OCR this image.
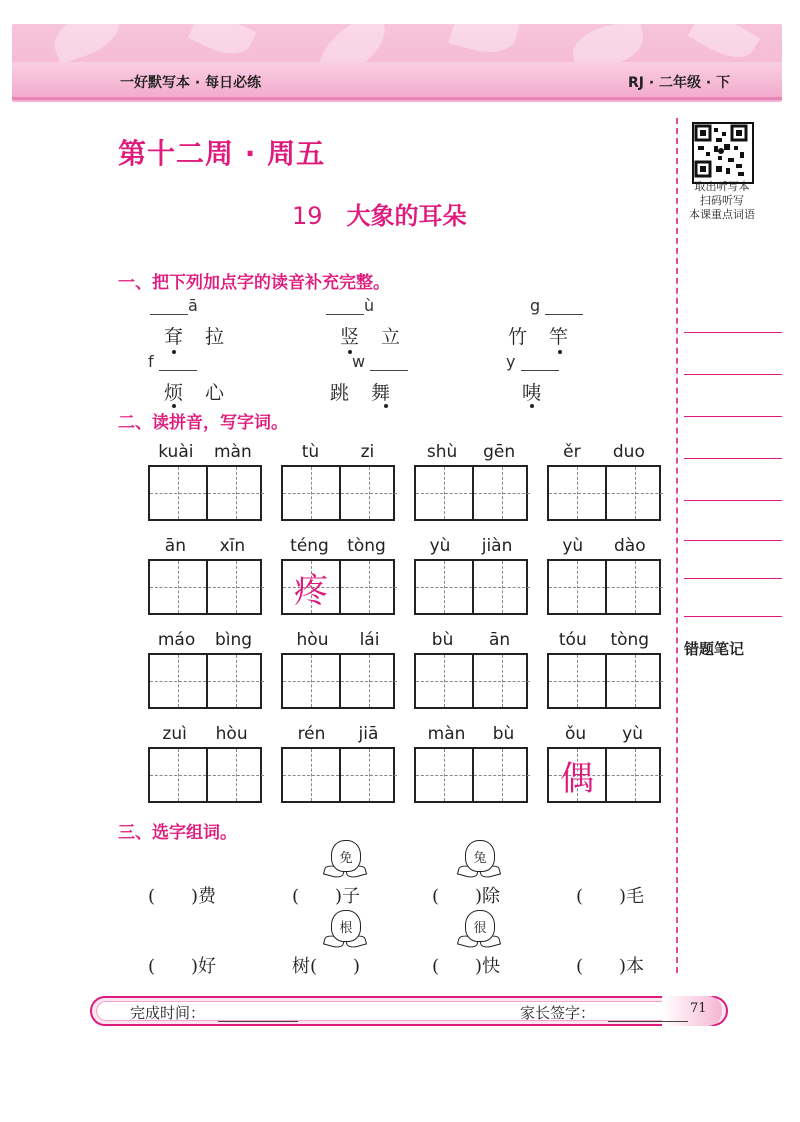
一好默写本 · 每日必练	RJ · 二年级 · 下
取出听写本
扫码听写
本课重点词语
错题笔记
第十二周 · 周五
19 大象的耳朵
一、把下列加点字的读音补充完整。
ā	ù	g
耷拉	竖立	竹竿
f	w	y
烦心	跳舞	咦
二、读拼音，写字词。
kuài màn	tù zi	shù gēn	ěr duo
ān xīn	téng tòng	yù jiàn	yù dào
疼
máo bìng	hòu lái	bù ān	tóu tòng
zuì hòu	rén jiā	màn bù	ǒu yù
偶
三、选字组词。
免	兔
(　　)费	(　　)子	(　　)除	(　　)毛
根	很
(　　)好	树(　　)	(　　)快	(　　)本
完成时间：	家长签字：	71
